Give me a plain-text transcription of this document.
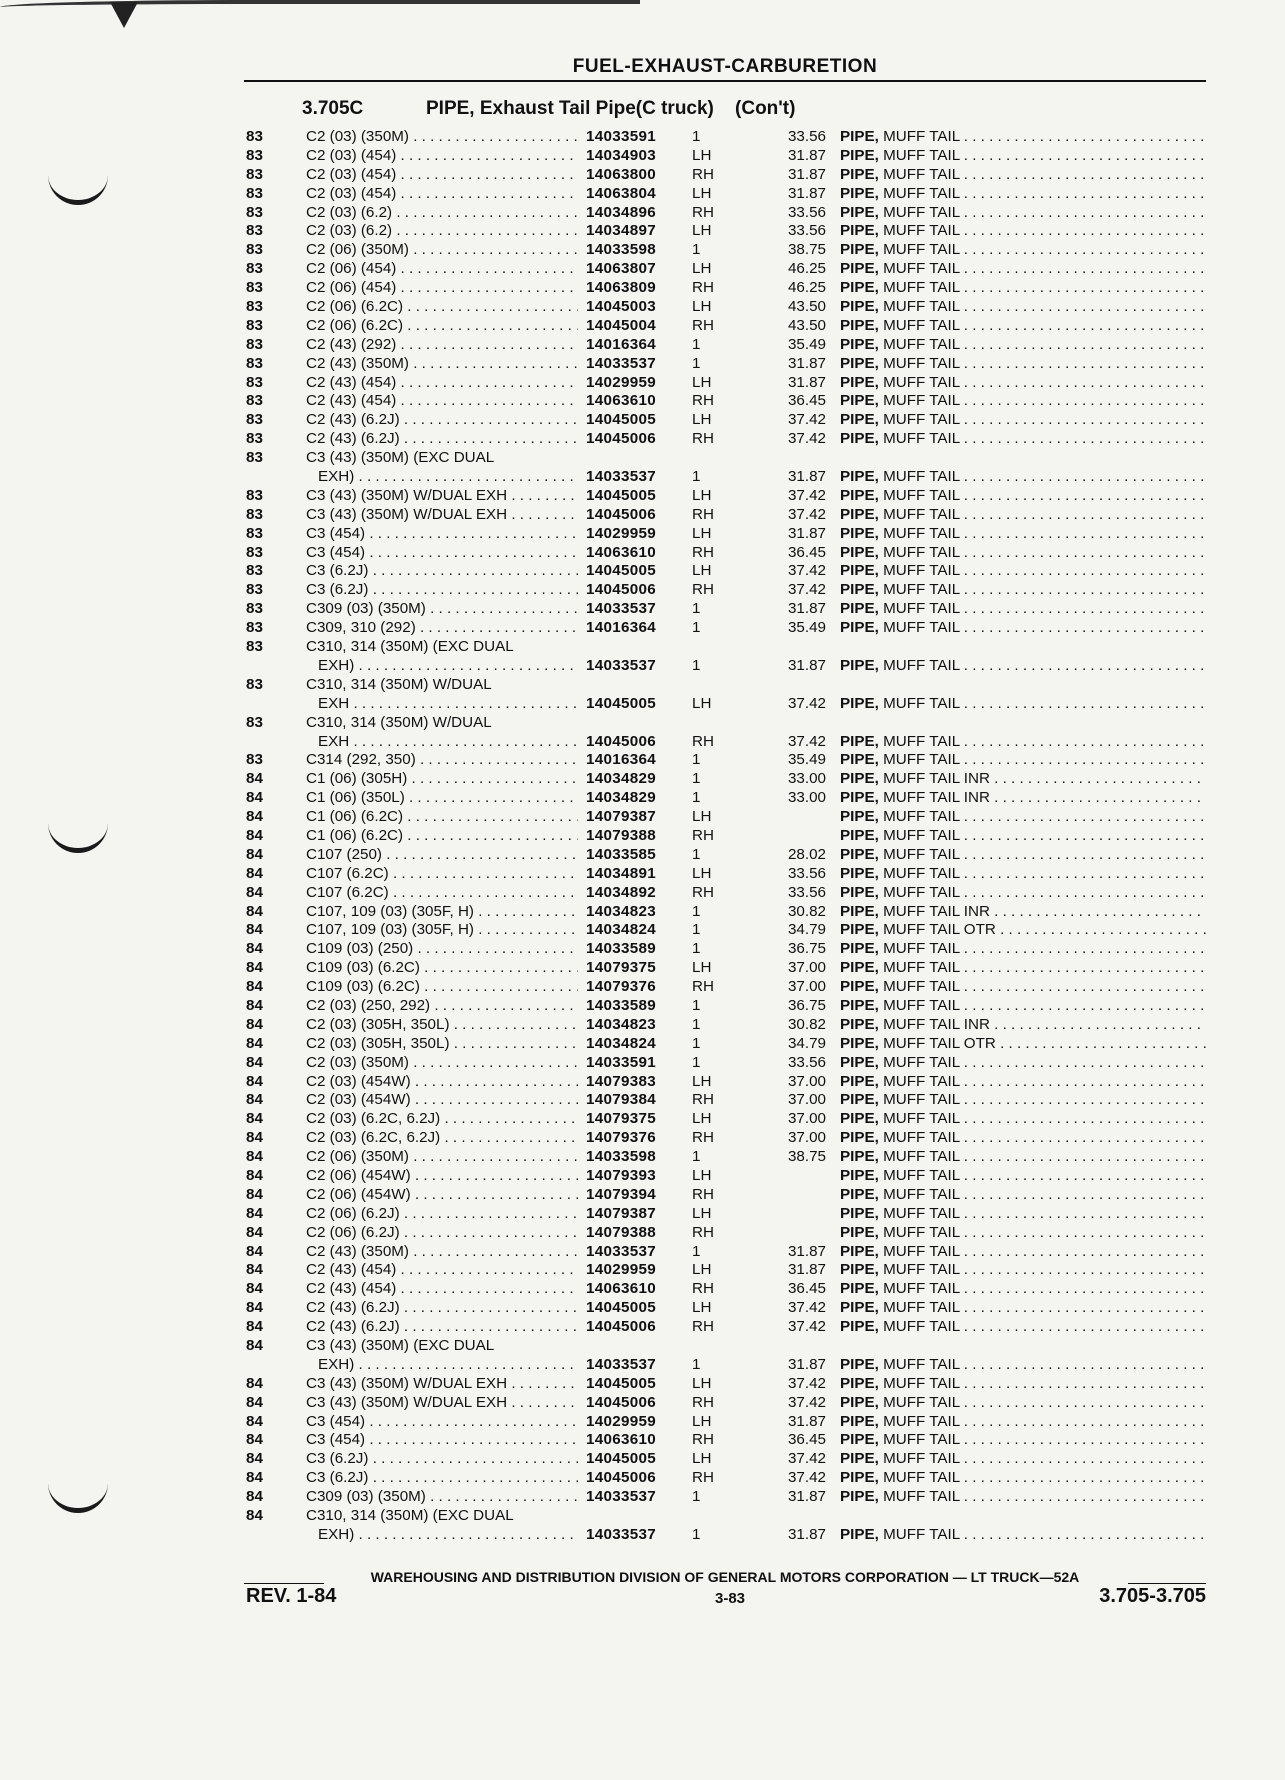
FUEL-EXHAUST-CARBURETION
3.705C	PIPE, Exhaust Tail Pipe(C truck) (Con't)
83	C2 (03) (350M) . . .	14033591 1	33.56 PIPE, MUFF TAIL . . .
83	C2 (03) (454) . . .	14034903 LH	31.87 PIPE, MUFF TAIL . . .
83	C2 (03) (454) . . .	14063800 RH	31.87 PIPE, MUFF TAIL . . .
83	C2 (03) (454) . . .	14063804 LH	31.87 PIPE, MUFF TAIL . . .
83	C2 (03) (6.2) . . .	14034896 RH	33.56 PIPE, MUFF TAIL . . .
83	C2 (03) (6.2) . . .	14034897 LH	33.56 PIPE, MUFF TAIL . . .
83	C2 (06) (350M) . . .	14033598 1	38.75 PIPE, MUFF TAIL . . .
83	C2 (06) (454) . . .	14063807 LH	46.25 PIPE, MUFF TAIL . . .
83	C2 (06) (454) . . .	14063809 RH	46.25 PIPE, MUFF TAIL . . .
83	C2 (06) (6.2C) . . .	14045003 LH	43.50 PIPE, MUFF TAIL . . .
83	C2 (06) (6.2C) . . .	14045004 RH	43.50 PIPE, MUFF TAIL . . .
83	C2 (43) (292) . . .	14016364 1	35.49 PIPE, MUFF TAIL . . .
83	C2 (43) (350M) . . .	14033537 1	31.87 PIPE, MUFF TAIL . . .
83	C2 (43) (454) . . .	14029959 LH	31.87 PIPE, MUFF TAIL . . .
83	C2 (43) (454) . . .	14063610 RH	36.45 PIPE, MUFF TAIL . . .
83	C2 (43) (6.2J) . . .	14045005 LH	37.42 PIPE, MUFF TAIL . . .
83	C2 (43) (6.2J) . . .	14045006 RH	37.42 PIPE, MUFF TAIL . . .
83	C3 (43) (350M) (EXC DUAL
EXH) . . .	14033537 1	31.87 PIPE, MUFF TAIL . . .
83	C3 (43) (350M) W/DUAL EXH . . .	14045005 LH	37.42 PIPE, MUFF TAIL . . .
83	C3 (43) (350M) W/DUAL EXH . . .	14045006 RH	37.42 PIPE, MUFF TAIL . . .
83	C3 (454) . . .	14029959 LH	31.87 PIPE, MUFF TAIL . . .
83	C3 (454) . . .	14063610 RH	36.45 PIPE, MUFF TAIL . . .
83	C3 (6.2J) . . .	14045005 LH	37.42 PIPE, MUFF TAIL . . .
83	C3 (6.2J) . . .	14045006 RH	37.42 PIPE, MUFF TAIL . . .
83	C309 (03) (350M) . . .	14033537 1	31.87 PIPE, MUFF TAIL . . .
83	C309, 310 (292) . . .	14016364 1	35.49 PIPE, MUFF TAIL . . .
83	C310, 314 (350M) (EXC DUAL
EXH) . . .	14033537 1	31.87 PIPE, MUFF TAIL . . .
83	C310, 314 (350M) W/DUAL
EXH . . .	14045005 LH	37.42 PIPE, MUFF TAIL . . .
83	C310, 314 (350M) W/DUAL
EXH . . .	14045006 RH	37.42 PIPE, MUFF TAIL . . .
83	C314 (292, 350) . . .	14016364 1	35.49 PIPE, MUFF TAIL . . .
84	C1 (06) (305H) . . .	14034829 1	33.00 PIPE, MUFF TAIL INR . . .
84	C1 (06) (350L) . . .	14034829 1	33.00 PIPE, MUFF TAIL INR . . .
84	C1 (06) (6.2C) . . .	14079387 LH	PIPE, MUFF TAIL . . .
84	C1 (06) (6.2C) . . .	14079388 RH	PIPE, MUFF TAIL . . .
84	C107 (250) . . .	14033585 1	28.02 PIPE, MUFF TAIL . . .
84	C107 (6.2C) . . .	14034891 LH	33.56 PIPE, MUFF TAIL . . .
84	C107 (6.2C) . . .	14034892 RH	33.56 PIPE, MUFF TAIL . . .
84	C107, 109 (03) (305F, H) . . .	14034823 1	30.82 PIPE, MUFF TAIL INR . . .
84	C107, 109 (03) (305F, H) . . .	14034824 1	34.79 PIPE, MUFF TAIL OTR . . .
84	C109 (03) (250) . . .	14033589 1	36.75 PIPE, MUFF TAIL . . .
84	C109 (03) (6.2C) . . .	14079375 LH	37.00 PIPE, MUFF TAIL . . .
84	C109 (03) (6.2C) . . .	14079376 RH	37.00 PIPE, MUFF TAIL . . .
84	C2 (03) (250, 292) . . .	14033589 1	36.75 PIPE, MUFF TAIL . . .
84	C2 (03) (305H, 350L) . . .	14034823 1	30.82 PIPE, MUFF TAIL INR . . .
84	C2 (03) (305H, 350L) . . .	14034824 1	34.79 PIPE, MUFF TAIL OTR . . .
84	C2 (03) (350M) . . .	14033591 1	33.56 PIPE, MUFF TAIL . . .
84	C2 (03) (454W) . . .	14079383 LH	37.00 PIPE, MUFF TAIL . . .
84	C2 (03) (454W) . . .	14079384 RH	37.00 PIPE, MUFF TAIL . . .
84	C2 (03) (6.2C, 6.2J) . . .	14079375 LH	37.00 PIPE, MUFF TAIL . . .
84	C2 (03) (6.2C, 6.2J) . . .	14079376 RH	37.00 PIPE, MUFF TAIL . . .
84	C2 (06) (350M) . . .	14033598 1	38.75 PIPE, MUFF TAIL . . .
84	C2 (06) (454W) . . .	14079393 LH	PIPE, MUFF TAIL . . .
84	C2 (06) (454W) . . .	14079394 RH	PIPE, MUFF TAIL . . .
84	C2 (06) (6.2J) . . .	14079387 LH	PIPE, MUFF TAIL . . .
84	C2 (06) (6.2J) . . .	14079388 RH	PIPE, MUFF TAIL . . .
84	C2 (43) (350M) . . .	14033537 1	31.87 PIPE, MUFF TAIL . . .
84	C2 (43) (454) . . .	14029959 LH	31.87 PIPE, MUFF TAIL . . .
84	C2 (43) (454) . . .	14063610 RH	36.45 PIPE, MUFF TAIL . . .
84	C2 (43) (6.2J) . . .	14045005 LH	37.42 PIPE, MUFF TAIL . . .
84	C2 (43) (6.2J) . . .	14045006 RH	37.42 PIPE, MUFF TAIL . . .
84	C3 (43) (350M) (EXC DUAL
EXH) . . .	14033537 1	31.87 PIPE, MUFF TAIL . . .
84	C3 (43) (350M) W/DUAL EXH . . .	14045005 LH	37.42 PIPE, MUFF TAIL . . .
84	C3 (43) (350M) W/DUAL EXH . . .	14045006 RH	37.42 PIPE, MUFF TAIL . . .
84	C3 (454) . . .	14029959 LH	31.87 PIPE, MUFF TAIL . . .
84	C3 (454) . . .	14063610 RH	36.45 PIPE, MUFF TAIL . . .
84	C3 (6.2J) . . .	14045005 LH	37.42 PIPE, MUFF TAIL . . .
84	C3 (6.2J) . . .	14045006 RH	37.42 PIPE, MUFF TAIL . . .
84	C309 (03) (350M) . . .	14033537 1	31.87 PIPE, MUFF TAIL . . .
84	C310, 314 (350M) (EXC DUAL
EXH) . . .	14033537 1	31.87 PIPE, MUFF TAIL . . .
WAREHOUSING AND DISTRIBUTION DIVISION OF GENERAL MOTORS CORPORATION — LT TRUCK—52A
REV. 1-84	3-83	3.705-3.705
